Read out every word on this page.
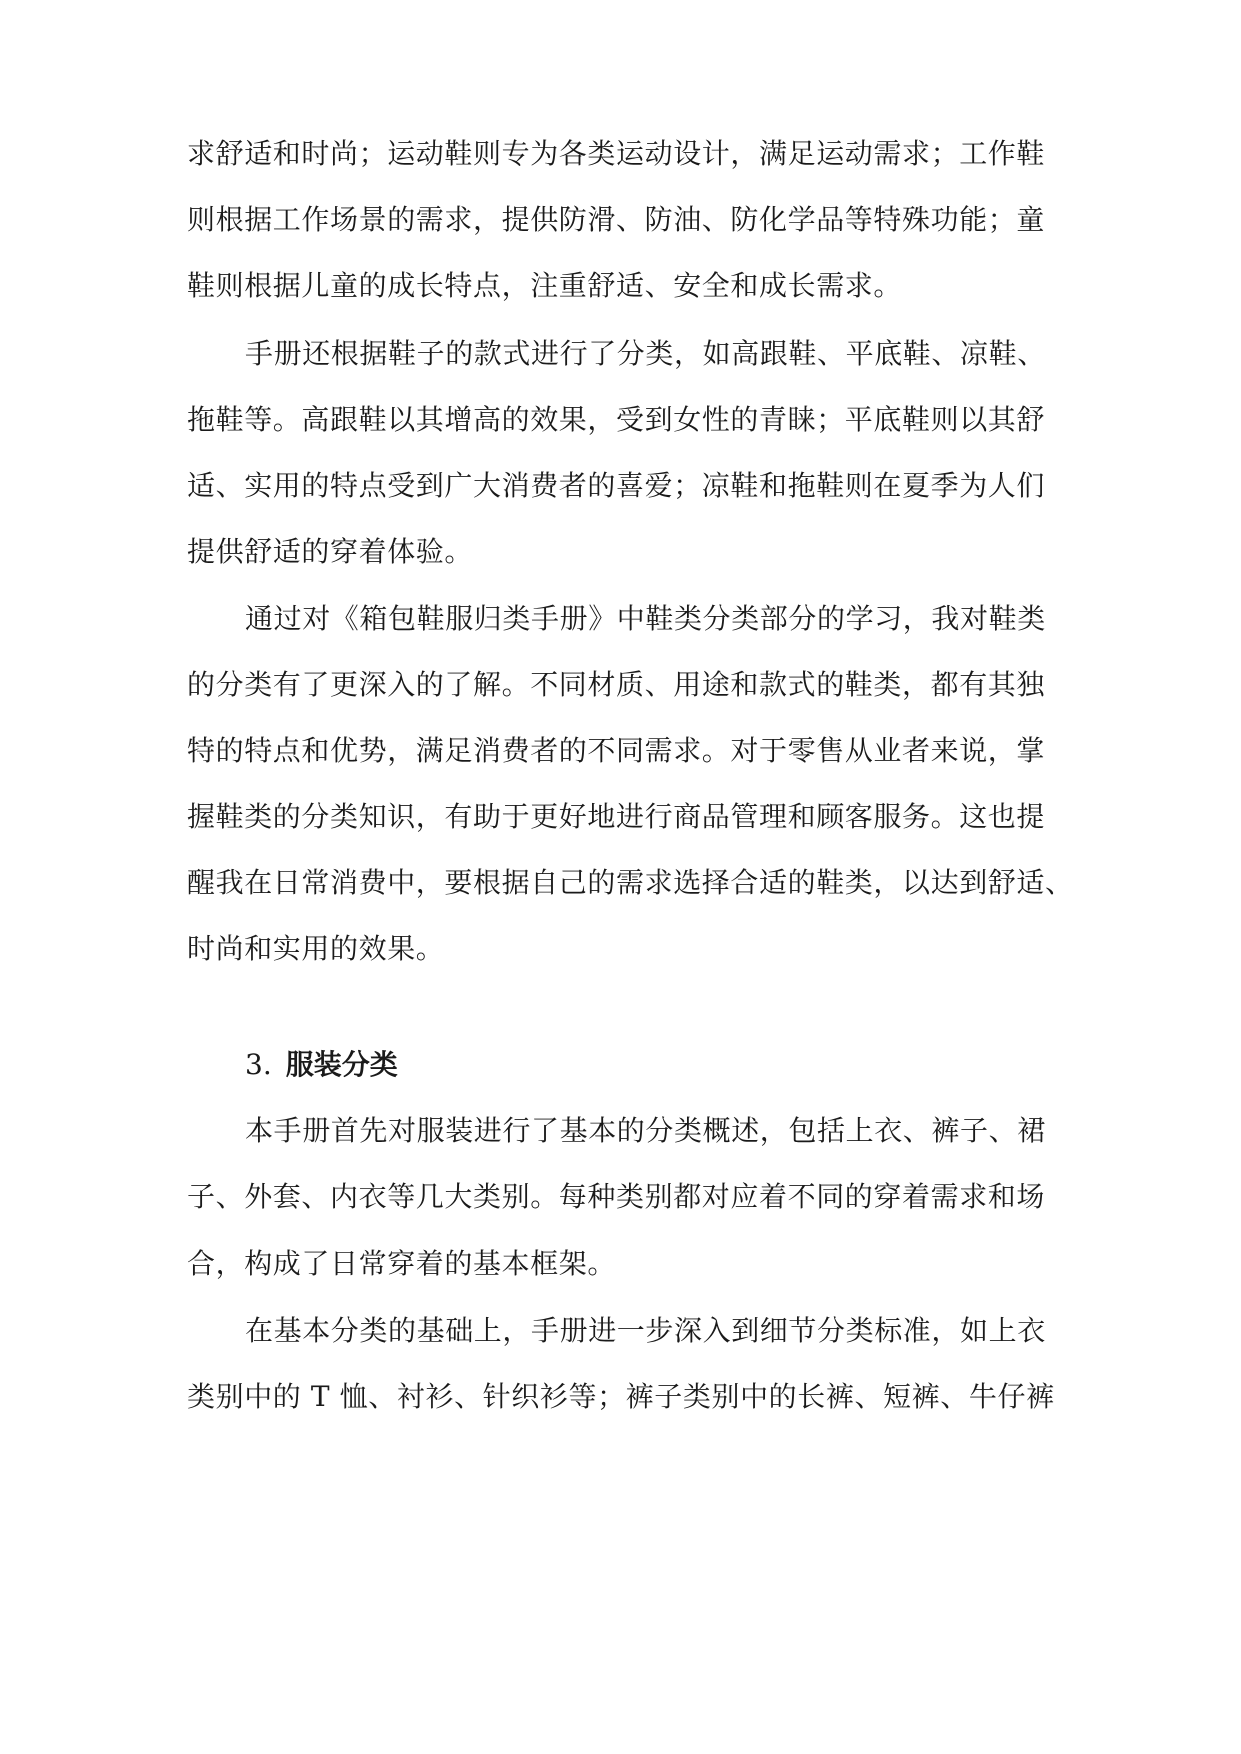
求舒适和时尚；运动鞋则专为各类运动设计，满足运动需求；工作鞋
则根据工作场景的需求，提供防滑、防油、防化学品等特殊功能；童
鞋则根据儿童的成长特点，注重舒适、安全和成长需求。
手册还根据鞋子的款式进行了分类，如高跟鞋、平底鞋、凉鞋、
拖鞋等。高跟鞋以其增高的效果，受到女性的青睐；平底鞋则以其舒
适、实用的特点受到广大消费者的喜爱；凉鞋和拖鞋则在夏季为人们
提供舒适的穿着体验。
通过对《箱包鞋服归类手册》中鞋类分类部分的学习，我对鞋类
的分类有了更深入的了解。不同材质、用途和款式的鞋类，都有其独
特的特点和优势，满足消费者的不同需求。对于零售从业者来说，掌
握鞋类的分类知识，有助于更好地进行商品管理和顾客服务。这也提
醒我在日常消费中，要根据自己的需求选择合适的鞋类，以达到舒适、
时尚和实用的效果。
3. 服装分类
本手册首先对服装进行了基本的分类概述，包括上衣、裤子、裙
子、外套、内衣等几大类别。每种类别都对应着不同的穿着需求和场
合，构成了日常穿着的基本框架。
在基本分类的基础上，手册进一步深入到细节分类标准，如上衣
类别中的 T 恤、衬衫、针织衫等；裤子类别中的长裤、短裤、牛仔裤
